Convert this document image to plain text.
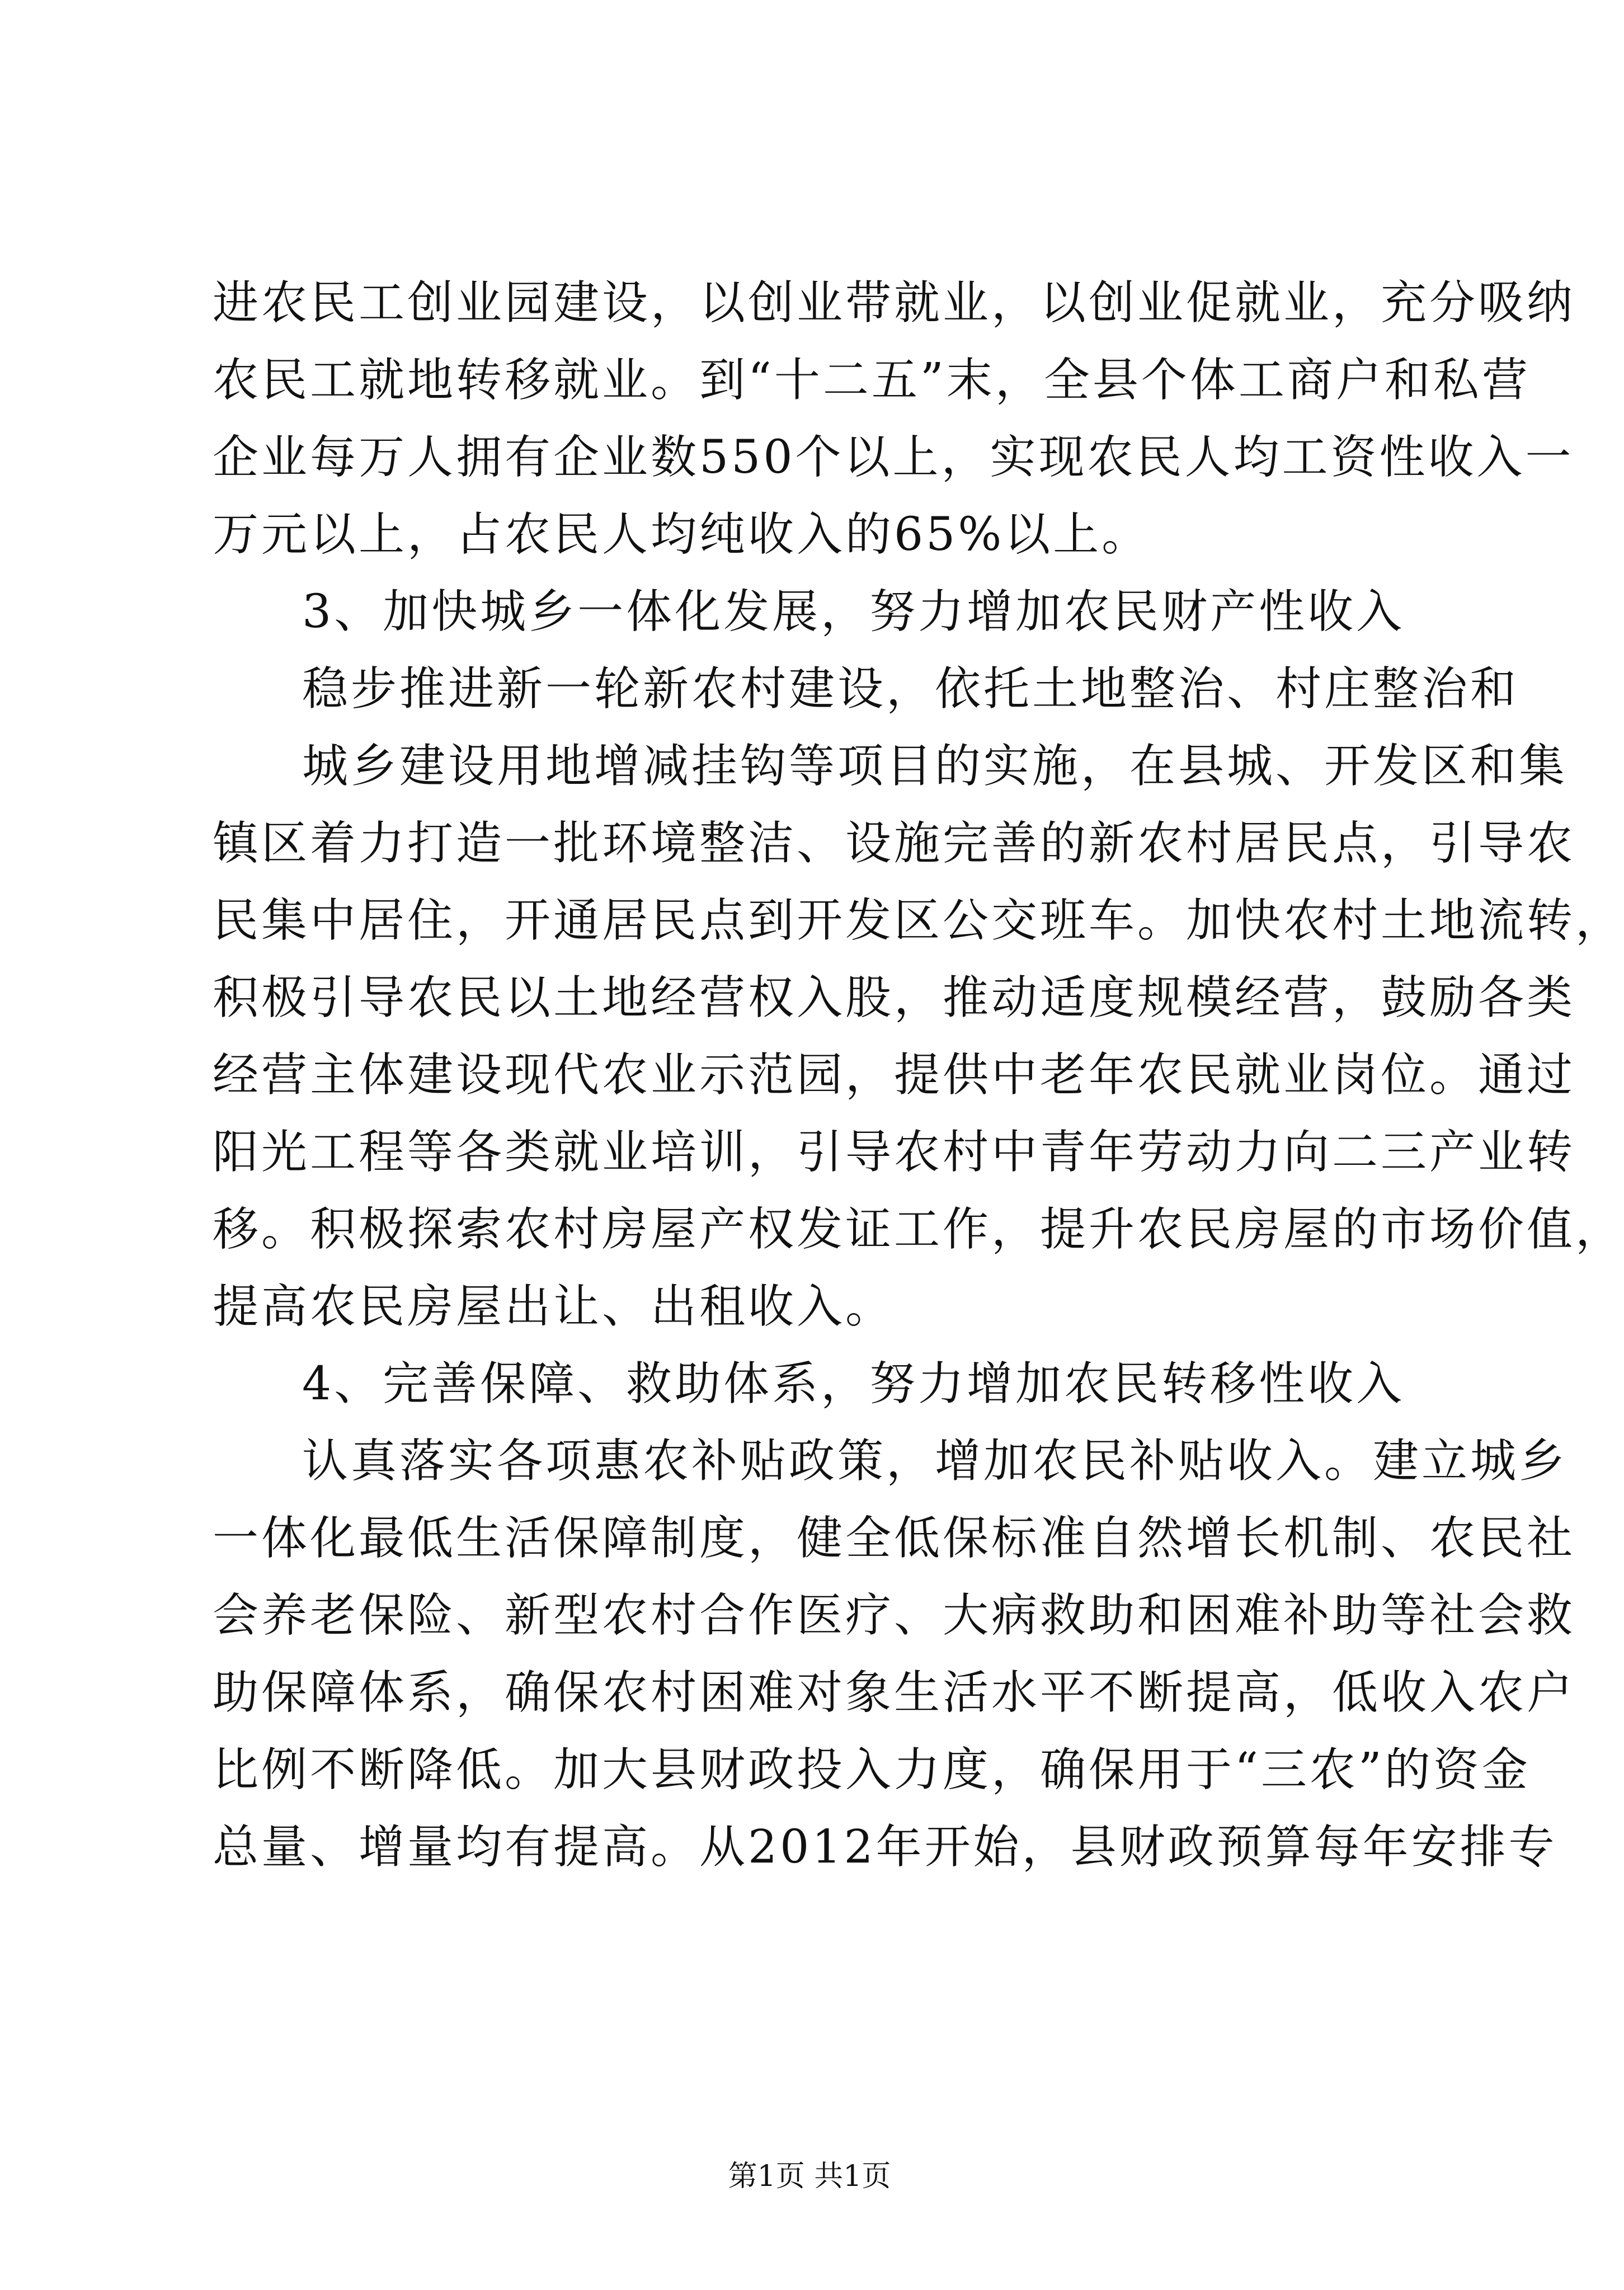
进农民工创业园建设，以创业带就业，以创业促就业，充分吸纳
农民工就地转移就业。到“十二五”末，全县个体工商户和私营
企业每万人拥有企业数550个以上，实现农民人均工资性收入一
万元以上，占农民人均纯收入的65%以上。
3、加快城乡一体化发展，努力增加农民财产性收入
稳步推进新一轮新农村建设，依托土地整治、村庄整治和
城乡建设用地增减挂钩等项目的实施，在县城、开发区和集
镇区着力打造一批环境整洁、设施完善的新农村居民点，引导农
民集中居住，开通居民点到开发区公交班车。加快农村土地流转，
积极引导农民以土地经营权入股，推动适度规模经营，鼓励各类
经营主体建设现代农业示范园，提供中老年农民就业岗位。通过
阳光工程等各类就业培训，引导农村中青年劳动力向二三产业转
移。积极探索农村房屋产权发证工作，提升农民房屋的市场价值，
提高农民房屋出让、出租收入。
4、完善保障、救助体系，努力增加农民转移性收入
认真落实各项惠农补贴政策，增加农民补贴收入。建立城乡
一体化最低生活保障制度，健全低保标准自然增长机制、农民社
会养老保险、新型农村合作医疗、大病救助和困难补助等社会救
助保障体系，确保农村困难对象生活水平不断提高，低收入农户
比例不断降低。加大县财政投入力度，确保用于“三农”的资金
总量、增量均有提高。从2012年开始，县财政预算每年安排专
第1页 共1页
